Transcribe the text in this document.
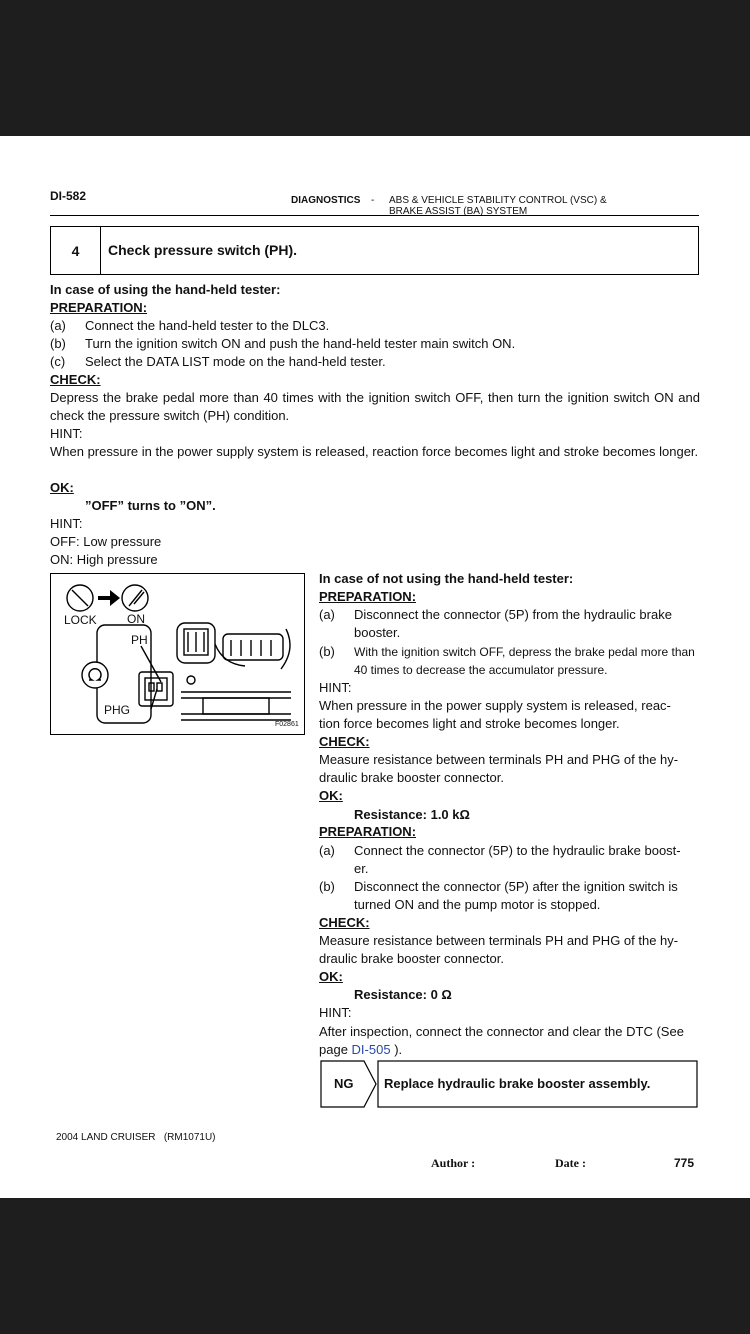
DI-582	DIAGNOSTICS - ABS & VEHICLE STABILITY CONTROL (VSC) &
BRAKE ASSIST (BA) SYSTEM
4	Check pressure switch (PH).
In case of using the hand-held tester:
PREPARATION:
(a) Connect the hand-held tester to the DLC3.
(b) Turn the ignition switch ON and push the hand-held tester main switch ON.
(c) Select the DATA LIST mode on the hand-held tester.
CHECK:
Depress the brake pedal more than 40 times with the ignition switch OFF, then turn the ignition switch ON and check the pressure switch (PH) condition.
HINT:
When pressure in the power supply system is released, reaction force becomes light and stroke becomes longer.
OK:
”OFF” turns to ”ON”.
HINT:
OFF: Low pressure
ON: High pressure
LOCK	ON
PH
PHG
F02861
In case of not using the hand-held tester:
PREPARATION:
(a) Disconnect the connector (5P) from the hydraulic brake
booster.
(b) With the ignition switch OFF, depress the brake pedal more than
40 times to decrease the accumulator pressure.
HINT:
When pressure in the power supply system is released, reac-
tion force becomes light and stroke becomes longer.
CHECK:
Measure resistance between terminals PH and PHG of the hy-
draulic brake booster connector.
OK:
Resistance: 1.0 kΩ
PREPARATION:
(a) Connect the connector (5P) to the hydraulic brake boost-
er.
(b) Disconnect the connector (5P) after the ignition switch is
turned ON and the pump motor is stopped.
CHECK:
Measure resistance between terminals PH and PHG of the hy-
draulic brake booster connector.
OK:
Resistance: 0 Ω
HINT:
After inspection, connect the connector and clear the DTC (See
page DI-505 ).
NG Replace hydraulic brake booster assembly.
2004 LAND CRUISER   (RM1071U)
Author :	Date :	775
